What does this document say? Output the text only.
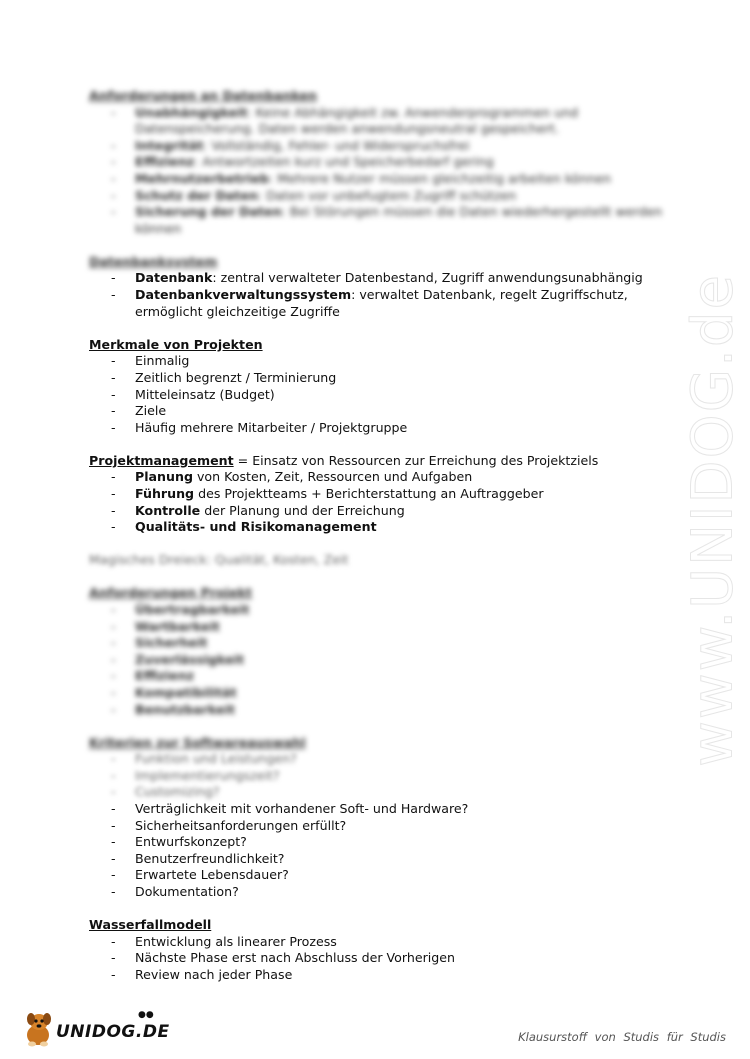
www.UNIDOG.de
Anforderungen an Datenbanken
- Unabhängigkeit: Keine Abhängigkeit zw. Anwenderprogrammen und Datenspeicherung. Daten werden anwendungsneutral gespeichert.
- Integrität: Vollständig, Fehler- und Widerspruchsfrei
- Effizienz: Antwortzeiten kurz und Speicherbedarf gering
- Mehrnutzerbetrieb: Mehrere Nutzer müssen gleichzeitig arbeiten können
- Schutz der Daten: Daten vor unbefugtem Zugriff schützen
- Sicherung der Daten: Bei Störungen müssen die Daten wiederhergestellt werden können
Datenbanksystem
- Datenbank: zentral verwalteter Datenbestand, Zugriff anwendungsunabhängig
- Datenbankverwaltungssystem: verwaltet Datenbank, regelt Zugriffschutz, ermöglicht gleichzeitige Zugriffe
Merkmale von Projekten
- Einmalig
- Zeitlich begrenzt / Terminierung
- Mitteleinsatz (Budget)
- Ziele
- Häufig mehrere Mitarbeiter / Projektgruppe
Projektmanagement = Einsatz von Ressourcen zur Erreichung des Projektziels
- Planung von Kosten, Zeit, Ressourcen und Aufgaben
- Führung des Projektteams + Berichterstattung an Auftraggeber
- Kontrolle der Planung und der Erreichung
- Qualitäts- und Risikomanagement
Magisches Dreieck: Qualität, Kosten, Zeit
Anforderungen Projekt
- Übertragbarkeit
- Wartbarkeit
- Sicherheit
- Zuverlässigkeit
- Effizienz
- Kompatibilität
- Benutzbarkeit
Kriterien zur Softwareauswahl
- Funktion und Leistungen?
- Implementierungszeit?
- Customizing?
- Verträglichkeit mit vorhandener Soft- und Hardware?
- Sicherheitsanforderungen erfüllt?
- Entwurfskonzept?
- Benutzerfreundlichkeit?
- Erwartete Lebensdauer?
- Dokumentation?
Wasserfallmodell
- Entwicklung als linearer Prozess
- Nächste Phase erst nach Abschluss der Vorherigen
- Review nach jeder Phase
●●
UNIDOG.DE	Klausurstoff von Studis für Studis
